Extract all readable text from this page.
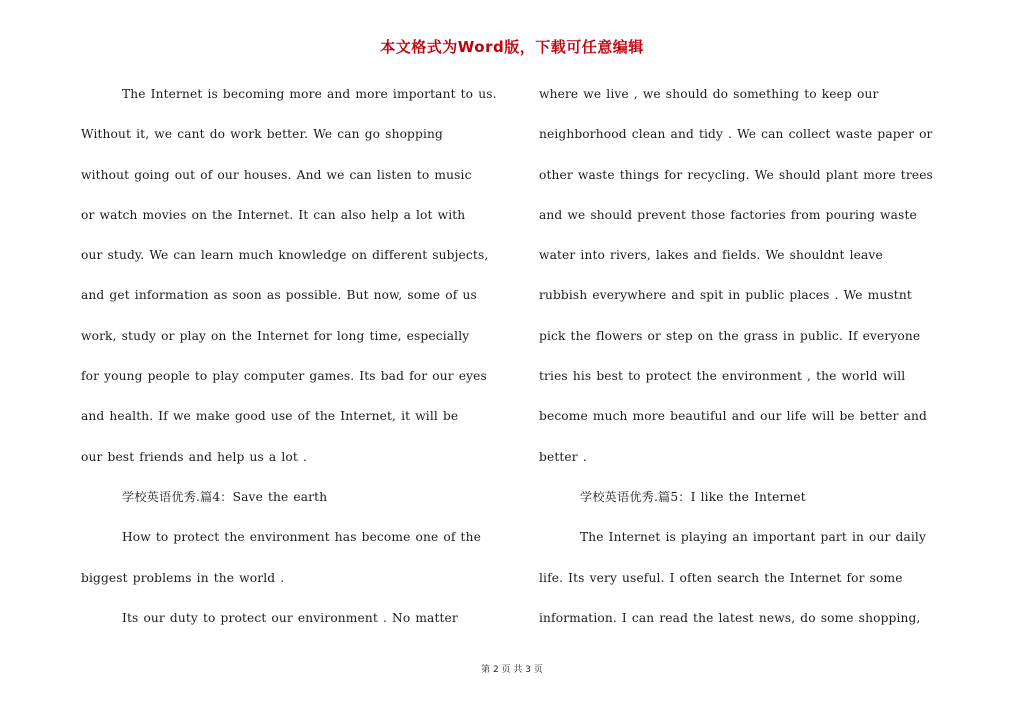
本文格式为Word版，下载可任意编辑
The Internet is becoming more and more important to us.
Without it, we cant do work better. We can go shopping
without going out of our houses. And we can listen to music
or watch movies on the Internet. It can also help a lot with
our study. We can learn much knowledge on different subjects,
and get information as soon as possible. But now, some of us
work, study or play on the Internet for long time, especially
for young people to play computer games. Its bad for our eyes
and health. If we make good use of the Internet, it will be
our best friends and help us a lot .
学校英语优秀.篇4：Save the earth
How to protect the environment has become one of the
biggest problems in the world .
Its our duty to protect our environment . No matter
where we live , we should do something to keep our
neighborhood clean and tidy . We can collect waste paper or
other waste things for recycling. We should plant more trees
and we should prevent those factories from pouring waste
water into rivers, lakes and fields. We shouldnt leave
rubbish everywhere and spit in public places . We mustnt
pick the flowers or step on the grass in public. If everyone
tries his best to protect the environment , the world will
become much more beautiful and our life will be better and
better .
学校英语优秀.篇5：I like the Internet
The Internet is playing an important part in our daily
life. Its very useful. I often search the Internet for some
information. I can read the latest news, do some shopping,
第 2 页 共 3 页
